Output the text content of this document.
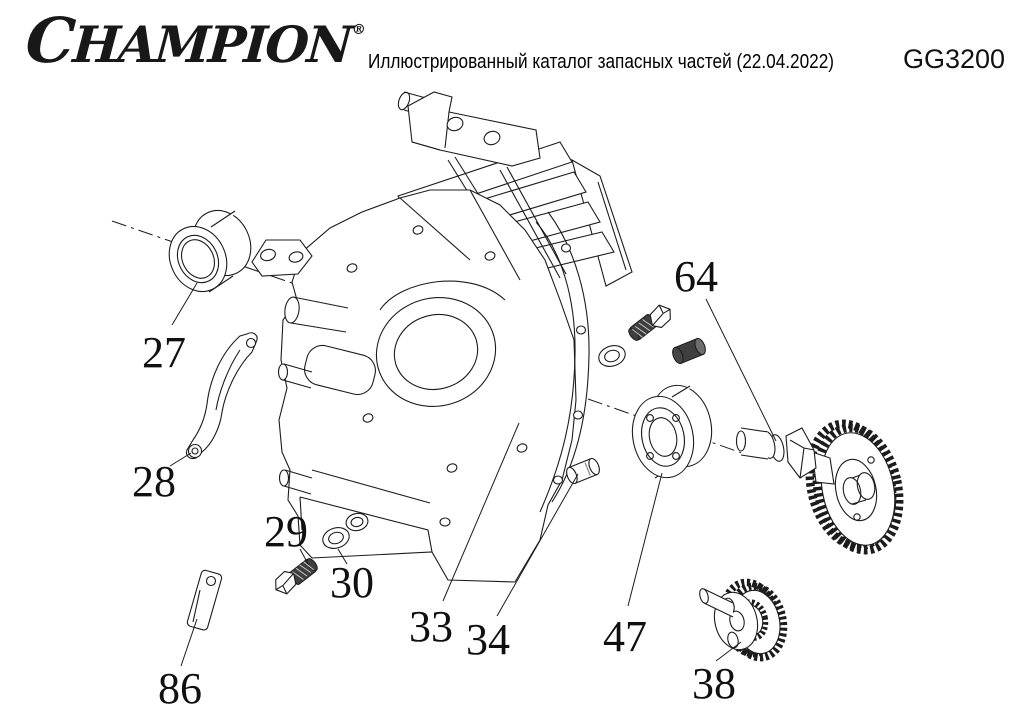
CHAMPION®
Иллюстрированный каталог запасных частей (22.04.2022)	GG3200
27
28
29
30
33 34
38
47
64
86
